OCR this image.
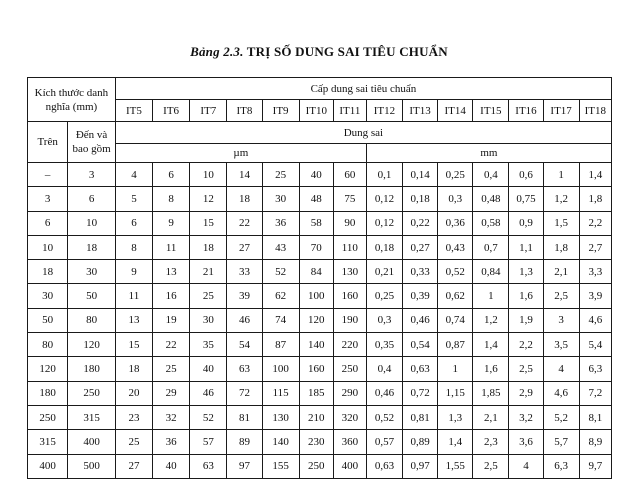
Bảng 2.3. TRỊ SỐ DUNG SAI TIÊU CHUẨN
Kích thước danh nghĩa (mm)		Cấp dung sai tiêu chuẩn													
		IT5	IT6	IT7	IT8	IT9	IT10	IT11	IT12	IT13	IT14	IT15	IT16	IT17	IT18
Trên	Đến và bao gồm	Dung sai													
		µm							mm						
–	3	4	6	10	14	25	40	60	0,1	0,14	0,25	0,4	0,6	1	1,4
3	6	5	8	12	18	30	48	75	0,12	0,18	0,3	0,48	0,75	1,2	1,8
6	10	6	9	15	22	36	58	90	0,12	0,22	0,36	0,58	0,9	1,5	2,2
10	18	8	11	18	27	43	70	110	0,18	0,27	0,43	0,7	1,1	1,8	2,7
18	30	9	13	21	33	52	84	130	0,21	0,33	0,52	0,84	1,3	2,1	3,3
30	50	11	16	25	39	62	100	160	0,25	0,39	0,62	1	1,6	2,5	3,9
50	80	13	19	30	46	74	120	190	0,3	0,46	0,74	1,2	1,9	3	4,6
80	120	15	22	35	54	87	140	220	0,35	0,54	0,87	1,4	2,2	3,5	5,4
120	180	18	25	40	63	100	160	250	0,4	0,63	1	1,6	2,5	4	6,3
180	250	20	29	46	72	115	185	290	0,46	0,72	1,15	1,85	2,9	4,6	7,2
250	315	23	32	52	81	130	210	320	0,52	0,81	1,3	2,1	3,2	5,2	8,1
315	400	25	36	57	89	140	230	360	0,57	0,89	1,4	2,3	3,6	5,7	8,9
400	500	27	40	63	97	155	250	400	0,63	0,97	1,55	2,5	4	6,3	9,7
